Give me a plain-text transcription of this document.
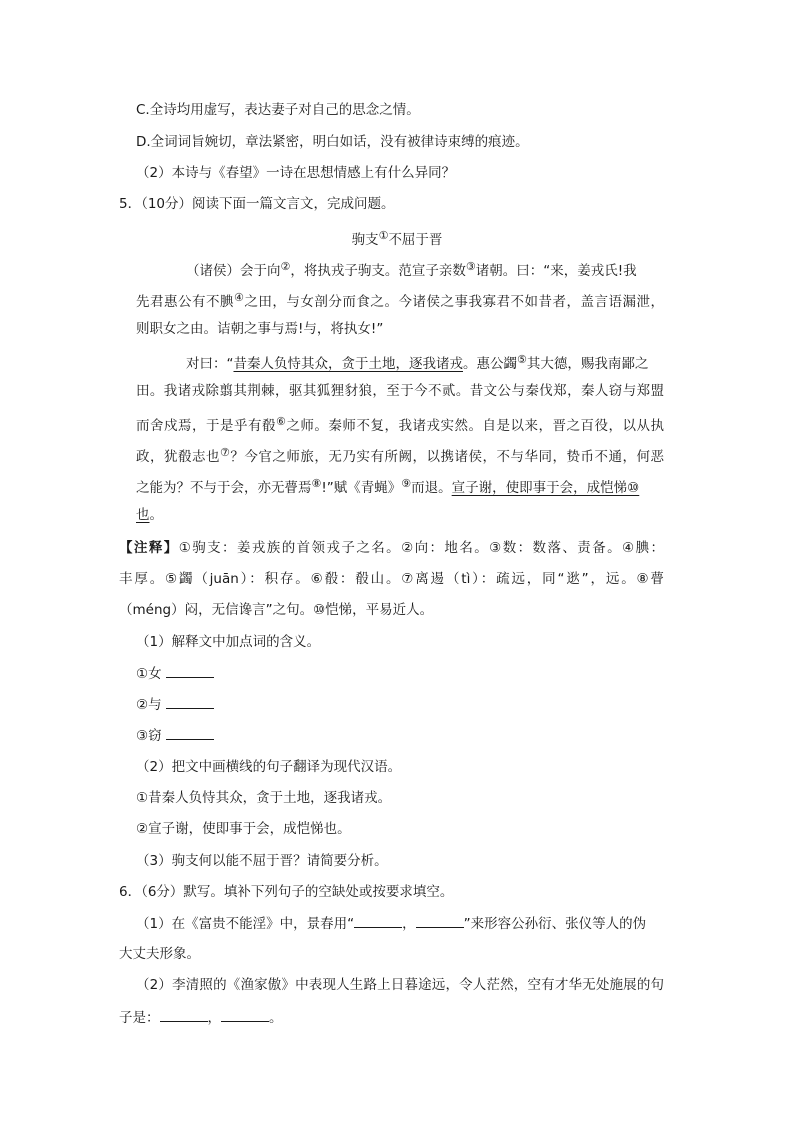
C.全诗均用虚写，表达妻子对自己的思念之情。
D.全词词旨婉切，章法紧密，明白如话，没有被律诗束缚的痕迹。
（2）本诗与《春望》一诗在思想情感上有什么异同？
5．（10分）阅读下面一篇文言文，完成问题。
驹支①不屈于晋
（诸侯）会于向②，将执戎子驹支。范宣子亲数③诸朝。曰：“来，姜戎氏!我
先君惠公有不腆④之田，与女剖分而食之。今诸侯之事我寡君不如昔者，盖言语漏泄，
则职女之由。诘朝之事与焉!与，将执女!”
对曰：“昔秦人负恃其众，贪于土地，逐我诸戎。惠公蠲⑤其大德，赐我南鄙之
田。我诸戎除翦其荆棘，驱其狐狸豺狼，至于今不贰。昔文公与秦伐郑，秦人窃与郑盟
而舍戍焉，于是乎有殽⑥之师。秦师不复，我诸戎实然。自是以来，晋之百役，以从执
政，犹殽志也⑦？今官之师旅，无乃实有所阙，以携诸侯，不与华同，贽币不通，何恶
之能为？不与于会，亦无瞢焉⑧!”赋《青蝇》⑨而退。宣子谢，使即事于会，成恺悌⑩
也。
【注释】①驹支：姜戎族的首领戎子之名。②向：地名。③数：数落、责备。④腆：
丰厚。⑤蠲（juān）：积存。⑥殽：殽山。⑦离逷（tì）：疏远，同“逖”，远。⑧瞢
（méng）闷，无信谗言”之句。⑩恺悌，平易近人。
（1）解释文中加点词的含义。
①女
②与
③窃
（2）把文中画横线的句子翻译为现代汉语。
①昔秦人负恃其众，贪于土地，逐我诸戎。
②宣子谢，使即事于会，成恺悌也。
（3）驹支何以能不屈于晋？请简要分析。
6．（6分）默写。填补下列句子的空缺处或按要求填空。
（1）在《富贵不能淫》中，景春用“	，	”来形容公孙衍、张仪等人的伪
大丈夫形象。
（2）李清照的《渔家傲》中表现人生路上日暮途远，令人茫然，空有才华无处施展的句
子是：	，	。
